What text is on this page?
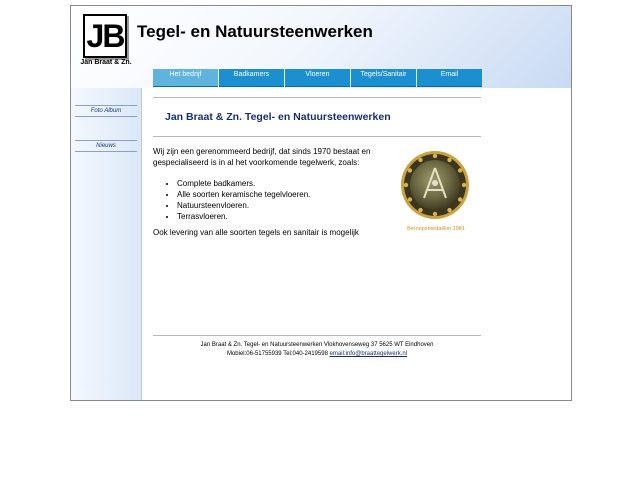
JB
Jan Braat & Zn.
Tegel- en Natuursteenwerken
Het bedrijf	Badkamers	Vloeren	Tegels/Sanitair	Email
Foto Album
Nieuws
Jan Braat & Zn. Tegel- en Natuursteenwerken
Wij zijn een gerenommeerd bedrijf, dat sinds 1970 bestaat en gespecialiseerd is in al het voorkomende tegelwerk, zoals:
• Complete badkamers.
• Alle soorten keramische tegelvloeren.
• Natuursteenvloeren.
• Terrasvloeren.
Ook levering van alle soorten tegels en sanitair is mogelijk	Beroepsmedaillon 1981
Jan Braat & Zn. Tegel- en Natuursteenwerken Vlokhovenseweg 37 5625 WT Eindhoven
Mobiel:06-51755939 Tel:040-2419598 email:info@braattegelwerk.nl
